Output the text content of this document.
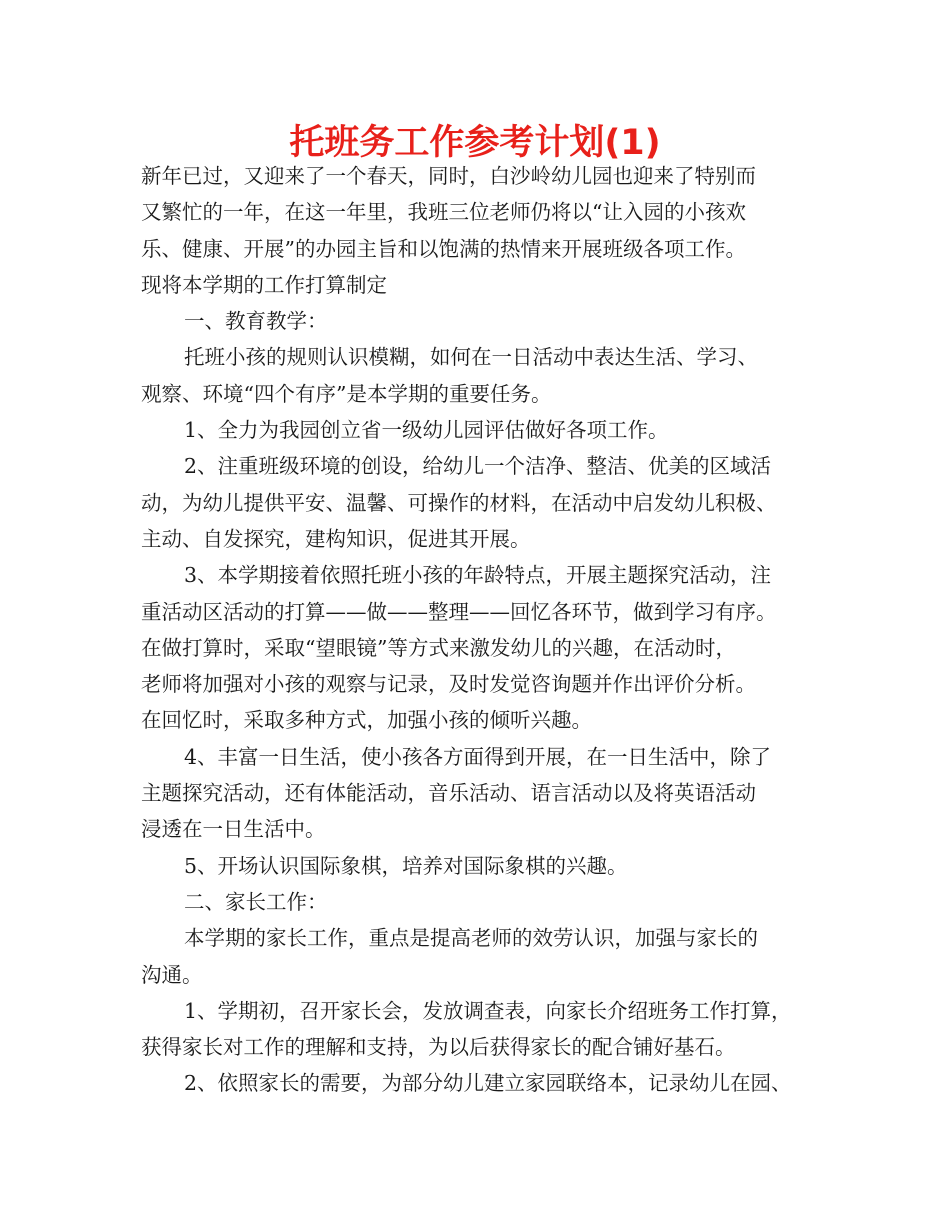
托班务工作参考计划(1)

新年已过，又迎来了一个春天，同时，白沙岭幼儿园也迎来了特别而

又繁忙的一年，在这一年里，我班三位老师仍将以“让入园的小孩欢

乐、健康、开展”的办园主旨和以饱满的热情来开展班级各项工作。

现将本学期的工作打算制定

一、教育教学：

托班小孩的规则认识模糊，如何在一日活动中表达生活、学习、

观察、环境“四个有序”是本学期的重要任务。

1、全力为我园创立省一级幼儿园评估做好各项工作。

2、注重班级环境的创设，给幼儿一个洁净、整洁、优美的区域活

动，为幼儿提供平安、温馨、可操作的材料，在活动中启发幼儿积极、

主动、自发探究，建构知识，促进其开展。

3、本学期接着依照托班小孩的年龄特点，开展主题探究活动，注

重活动区活动的打算——做——整理——回忆各环节，做到学习有序。

在做打算时，采取“望眼镜”等方式来激发幼儿的兴趣，在活动时，

老师将加强对小孩的观察与记录，及时发觉咨询题并作出评价分析。

在回忆时，采取多种方式，加强小孩的倾听兴趣。

4、丰富一日生活，使小孩各方面得到开展，在一日生活中，除了

主题探究活动，还有体能活动，音乐活动、语言活动以及将英语活动

浸透在一日生活中。

5、开场认识国际象棋，培养对国际象棋的兴趣。

二、家长工作：

本学期的家长工作，重点是提高老师的效劳认识，加强与家长的

沟通。

1、学期初，召开家长会，发放调查表，向家长介绍班务工作打算，

获得家长对工作的理解和支持，为以后获得家长的配合铺好基石。

2、依照家长的需要，为部分幼儿建立家园联络本，记录幼儿在园、
